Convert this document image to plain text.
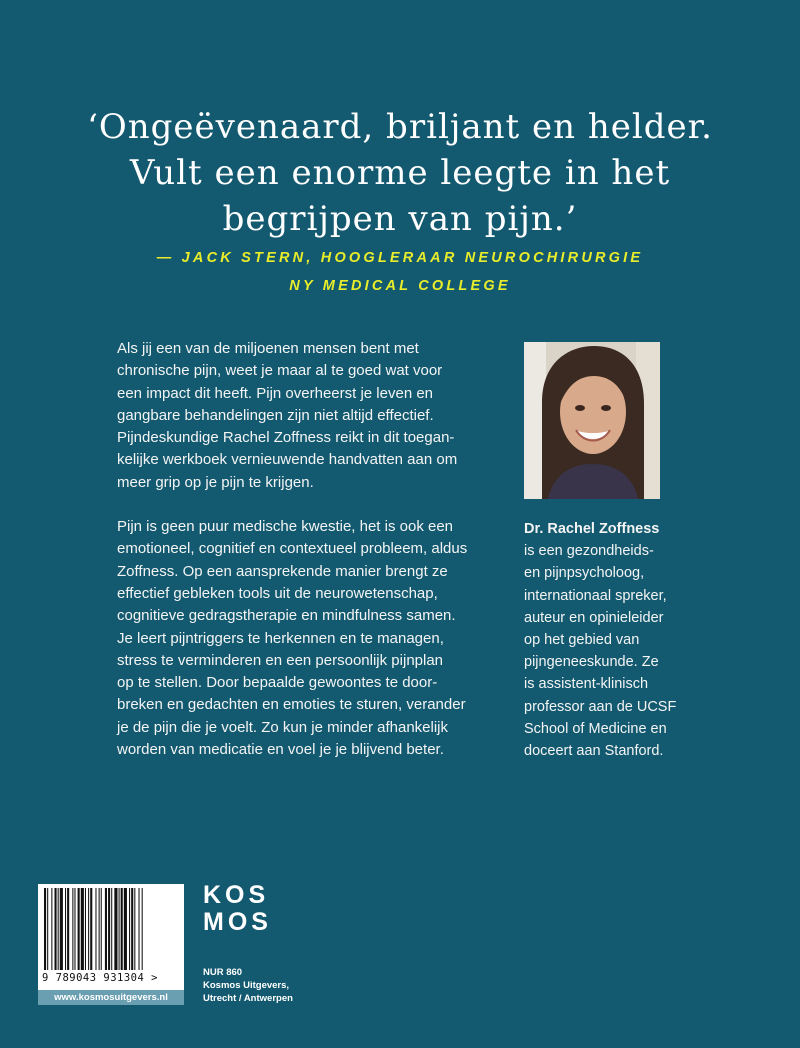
‘Ongeëvenaard, briljant en helder.
Vult een enorme leegte in het
begrijpen van pijn.’
— JACK STERN, HOOGLERAAR NEUROCHIRURGIE
NY MEDICAL COLLEGE

Als jij een van de miljoenen mensen bent met
chronische pijn, weet je maar al te goed wat voor
een impact dit heeft. Pijn overheerst je leven en
gangbare behandelingen zijn niet altijd effectief.
Pijndeskundige Rachel Zoffness reikt in dit toegan-
kelijke werkboek vernieuwende handvatten aan om
meer grip op je pijn te krijgen.

Pijn is geen puur medische kwestie, het is ook een
emotioneel, cognitief en contextueel probleem, aldus
Zoffness. Op een aansprekende manier brengt ze
effectief gebleken tools uit de neurowetenschap,
cognitieve gedragstherapie en mindfulness samen.
Je leert pijntriggers te herkennen en te managen,
stress te verminderen en een persoonlijk pijnplan
op te stellen. Door bepaalde gewoontes te door-
breken en gedachten en emoties te sturen, verander
je de pijn die je voelt. Zo kun je minder afhankelijk
worden van medicatie en voel je je blijvend beter.

Dr. Rachel Zoffness
is een gezondheids-
en pijnpsycholoog,
internationaal spreker,
auteur en opinieleider
op het gebied van
pijngeneeskunde. Ze
is assistent-klinisch
professor aan de UCSF
School of Medicine en
doceert aan Stanford.
9 789043 931304 >
www.kosmosuitgevers.nl
KOS
MOS
NUR 860
Kosmos Uitgevers,
Utrecht / Antwerpen
